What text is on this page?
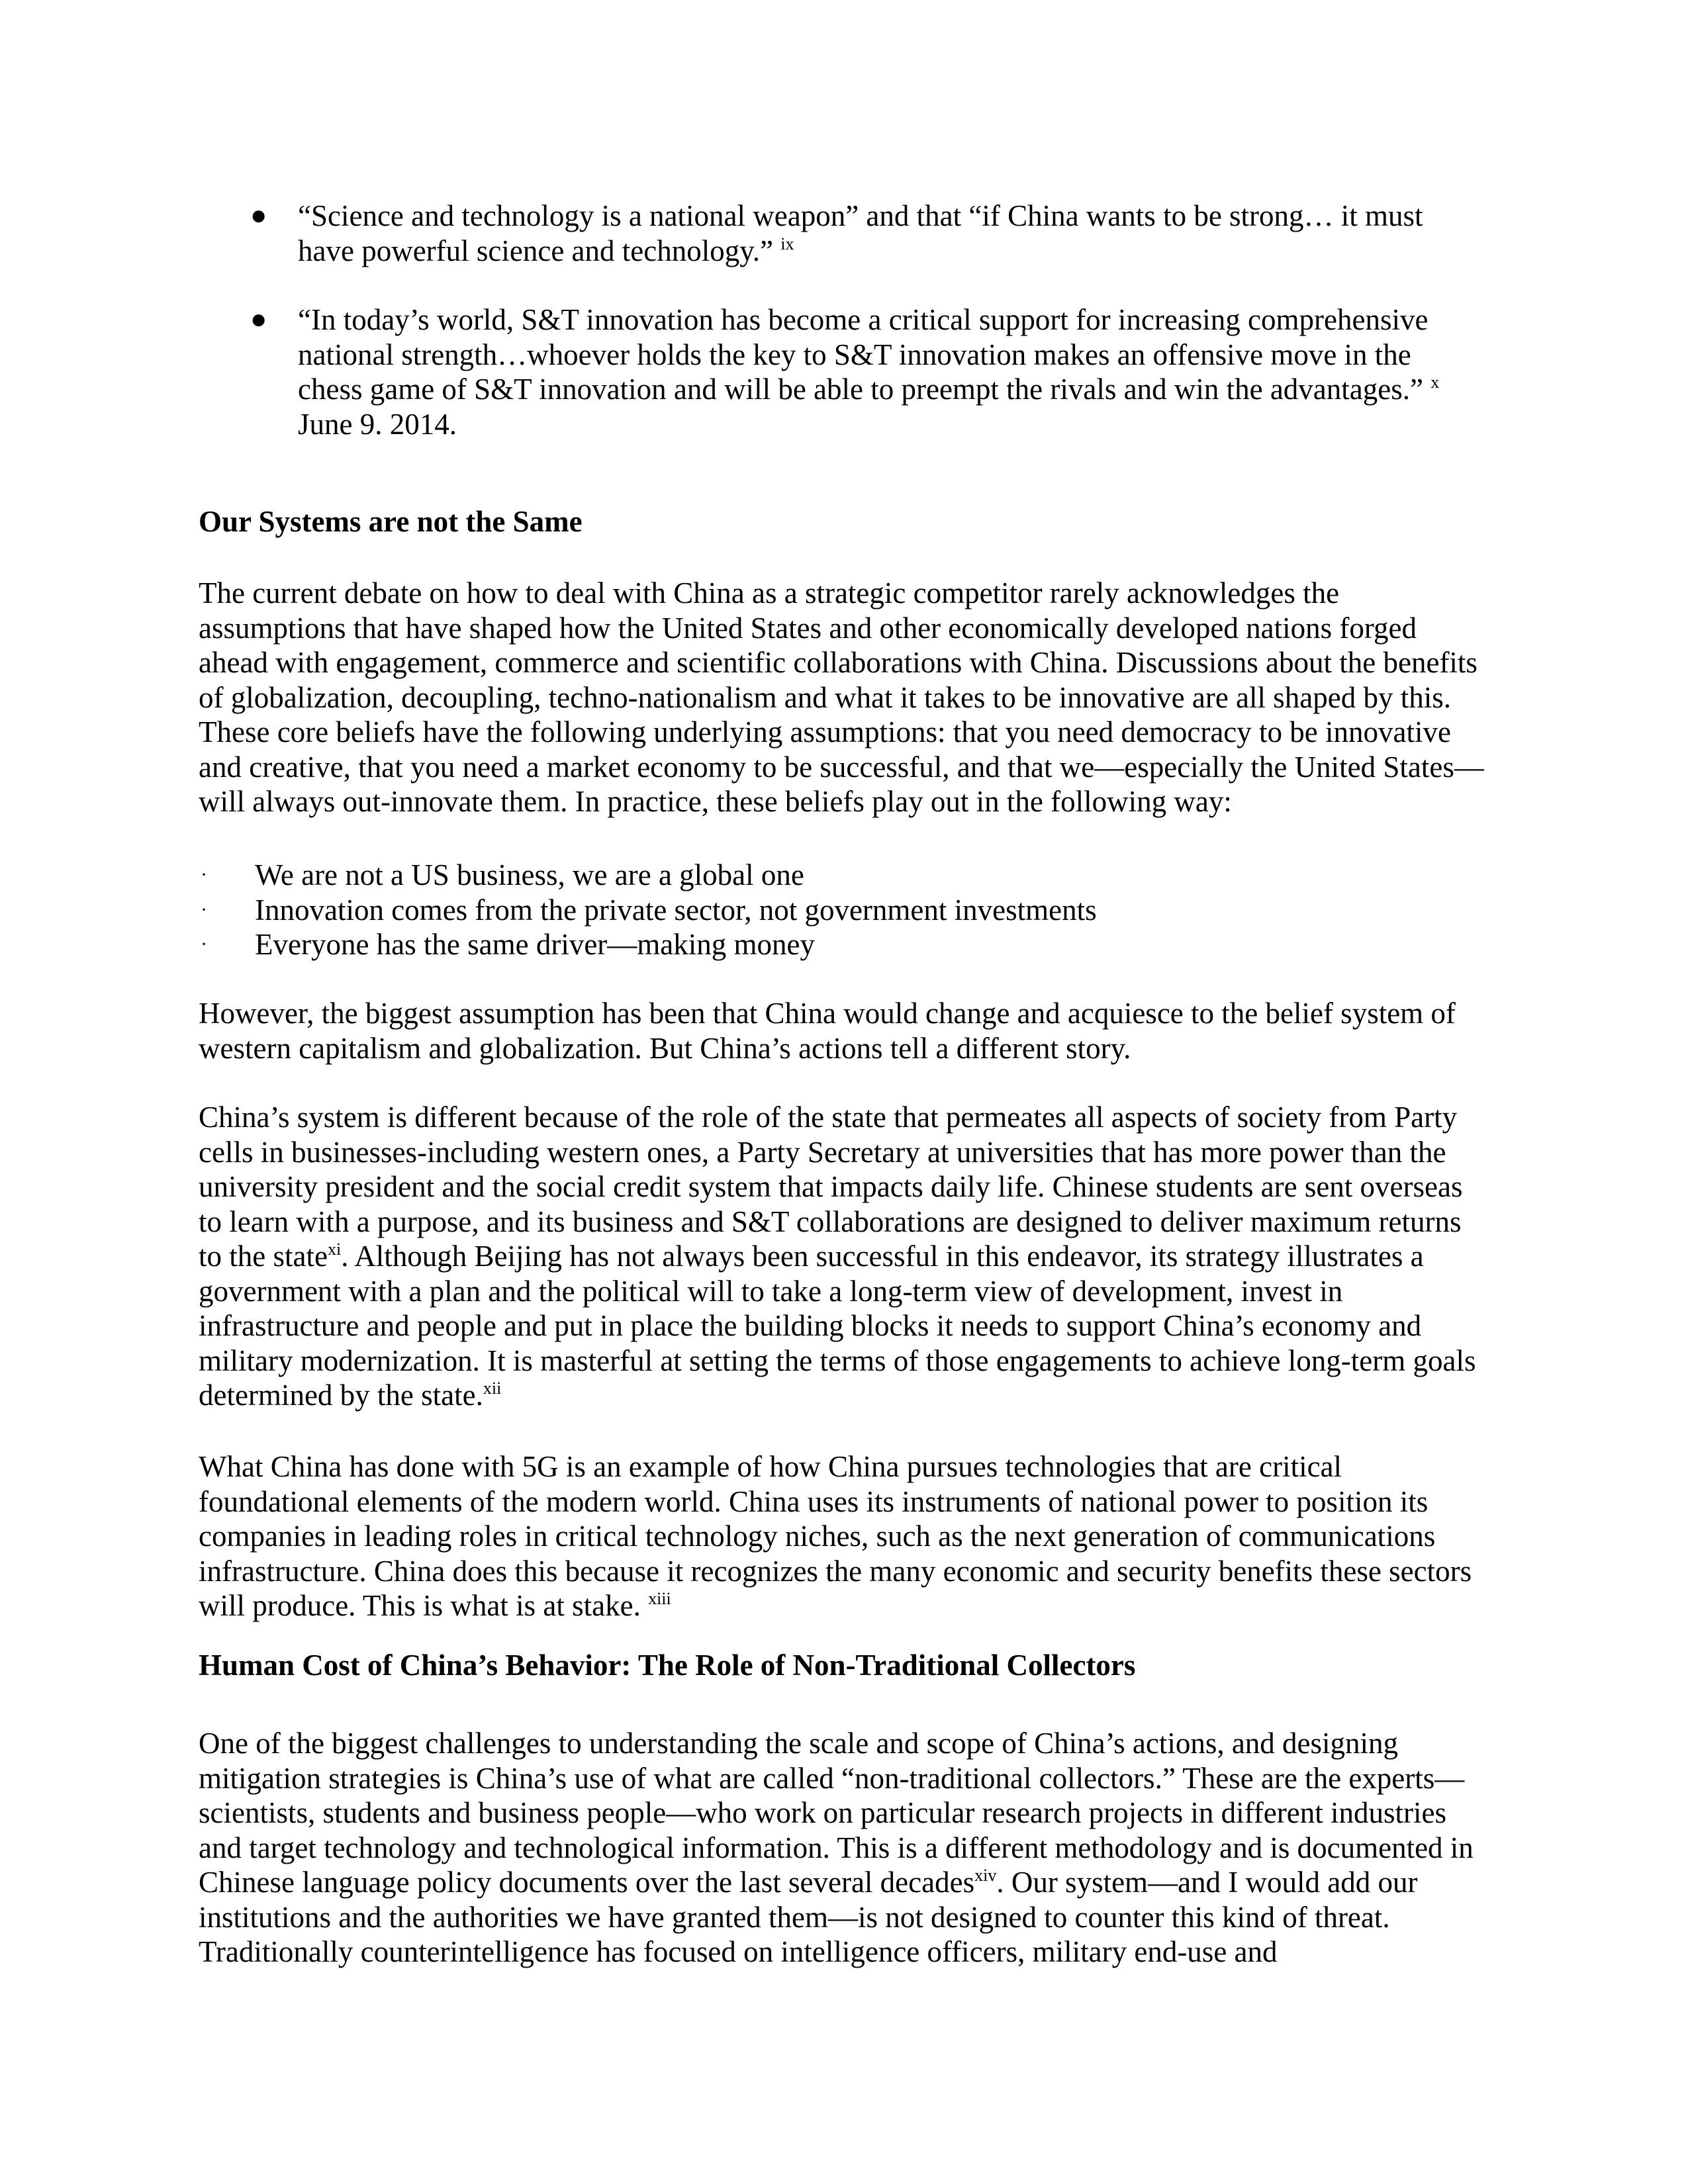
● “Science and technology is a national weapon” and that “if China wants to be strong… it must have powerful science and technology.” $^{ix}$
● “In today’s world, S&T innovation has become a critical support for increasing comprehensive national strength…whoever holds the key to S&T innovation makes an offensive move in the chess game of S&T innovation and will be able to preempt the rivals and win the advantages.” $^x$ June 9. 2014.
Our Systems are not the Same

The current debate on how to deal with China as a strategic competitor rarely acknowledges the assumptions that have shaped how the United States and other economically developed nations forged ahead with engagement, commerce and scientific collaborations with China. Discussions about the benefits of globalization, decoupling, techno-nationalism and what it takes to be innovative are all shaped by this. These core beliefs have the following underlying assumptions: that you need democracy to be innovative and creative, that you need a market economy to be successful, and that we—especially the United States—will always out-innovate them. In practice, these beliefs play out in the following way:

· We are not a US business, we are a global one
· Innovation comes from the private sector, not government investments
· Everyone has the same driver—making money

However, the biggest assumption has been that China would change and acquiesce to the belief system of western capitalism and globalization. But China’s actions tell a different story.

China’s system is different because of the role of the state that permeates all aspects of society from Party cells in businesses-including western ones, a Party Secretary at universities that has more power than the university president and the social credit system that impacts daily life. Chinese students are sent overseas to learn with a purpose, and its business and S&T collaborations are designed to deliver maximum returns to the state$^{xi}$. Although Beijing has not always been successful in this endeavor, its strategy illustrates a government with a plan and the political will to take a long-term view of development, invest in infrastructure and people and put in place the building blocks it needs to support China’s economy and military modernization. It is masterful at setting the terms of those engagements to achieve long-term goals determined by the state.$^{xii}$

What China has done with 5G is an example of how China pursues technologies that are critical foundational elements of the modern world. China uses its instruments of national power to position its companies in leading roles in critical technology niches, such as the next generation of communications infrastructure. China does this because it recognizes the many economic and security benefits these sectors will produce. This is what is at stake. $^{xiii}$

Human Cost of China’s Behavior: The Role of Non-Traditional Collectors

One of the biggest challenges to understanding the scale and scope of China’s actions, and designing mitigation strategies is China’s use of what are called “non-traditional collectors.” These are the experts—scientists, students and business people—who work on particular research projects in different industries and target technology and technological information. This is a different methodology and is documented in Chinese language policy documents over the last several decades$^{xiv}$. Our system—and I would add our institutions and the authorities we have granted them—is not designed to counter this kind of threat. Traditionally counterintelligence has focused on intelligence officers, military end-use and
